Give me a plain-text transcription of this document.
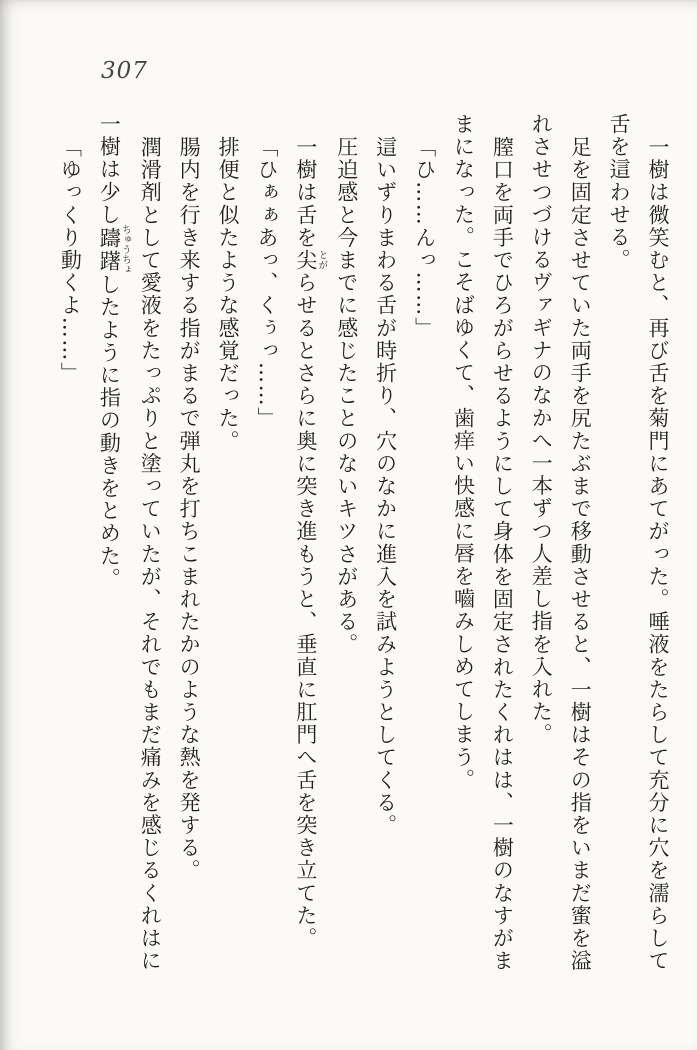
307

一樹は微笑むと、再び舌を菊門にあてがった。唾液をたらして充分に穴を濡らして

舌を這わせる。

足を固定させていた両手を尻たぶまで移動させると、一樹はその指をいまだ蜜を溢

れさせつづけるヴァギナのなかへ一本ずつ人差し指を入れた。

膣口を両手でひろがらせるようにして身体を固定されたくれはは、一樹のなすがま

まになった。こそばゆくて、歯痒い快感に唇を嚙みしめてしまう。

「ひ……んっ……」

這いずりまわる舌が時折り、穴のなかに進入を試みようとしてくる。

圧迫感と今までに感じたことのないキツさがある。

一樹は舌を尖とがらせるとさらに奥に突き進もうと、垂直に肛門へ舌を突き立てた。

「ひぁぁあっ、くぅっ……」

排便と似たような感覚だった。

腸内を行き来する指がまるで弾丸を打ちこまれたかのような熱を発する。

潤滑剤として愛液をたっぷりと塗っていたが、それでもまだ痛みを感じるくれはに

一樹は少し躊躇ちゅうちょしたように指の動きをとめた。

「ゆっくり動くよ……」
